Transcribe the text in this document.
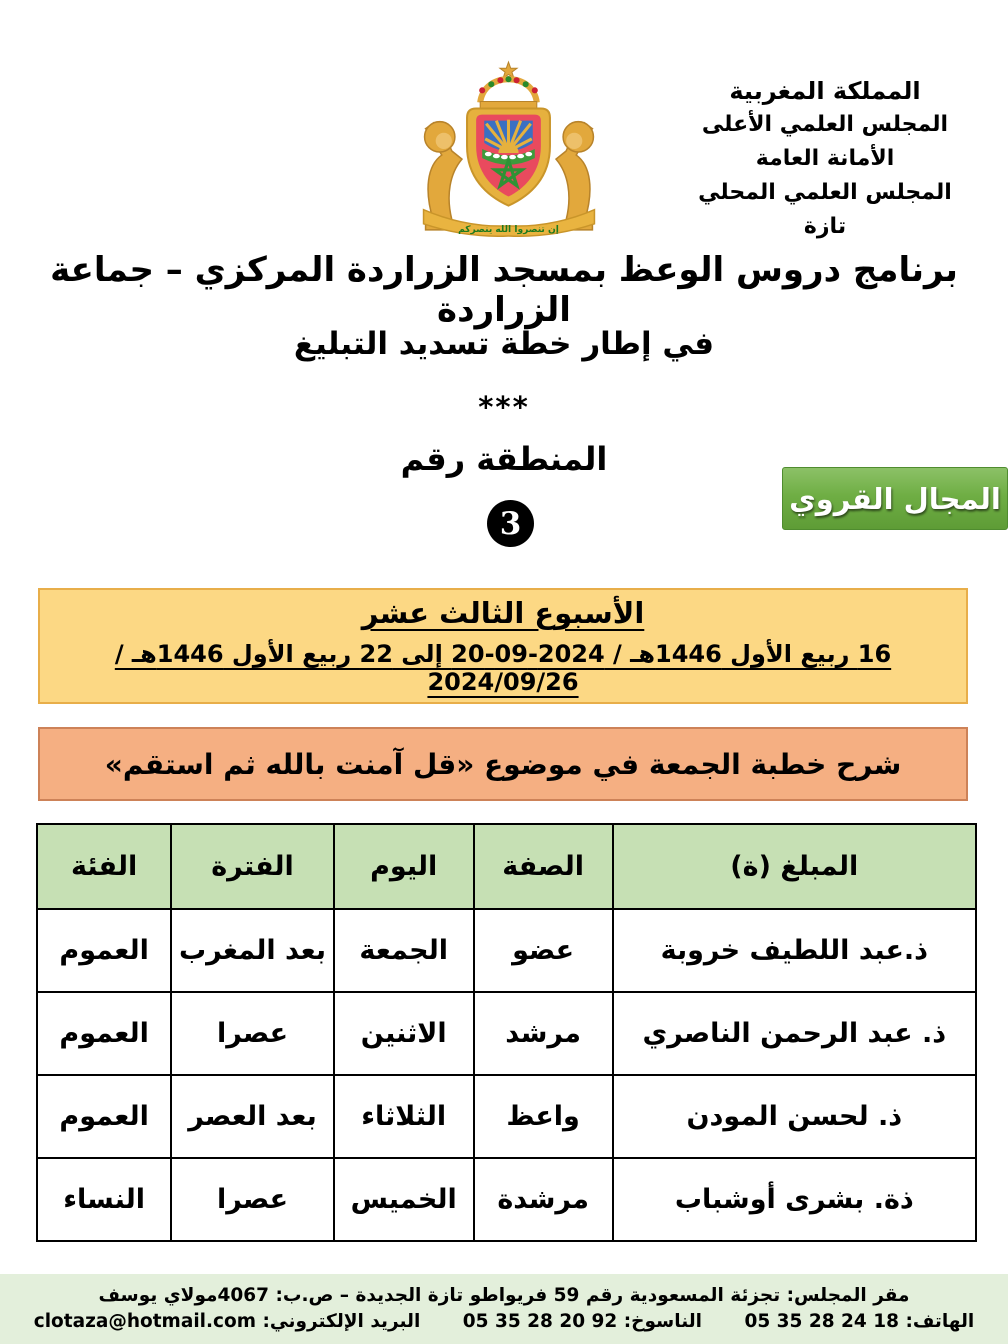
المملكة المغربية
المجلس العلمي الأعلى
الأمانة العامة
المجلس العلمي المحلي
تازة
إن تنصروا الله ينصركم
برنامج دروس الوعظ بمسجد الزراردة المركزي – جماعة الزراردة
في إطار خطة تسديد التبليغ
***
المنطقة رقم
3
المجال القروي
الأسبوع الثالث عشر
16 ربيع الأول 1446هـ / 2024-09-20 إلى 22 ربيع الأول 1446هـ / 2024/09/26
شرح خطبة الجمعة في موضوع «قل آمنت بالله ثم استقم»
المبلغ (ة)	الصفة	اليوم	الفترة	الفئة
ذ.عبد اللطيف خروبة	عضو	الجمعة	بعد المغرب	العموم
ذ. عبد الرحمن الناصري	مرشد	الاثنين	عصرا	العموم
ذ. لحسن المودن	واعظ	الثلاثاء	بعد العصر	العموم
ذة. بشرى أوشباب	مرشدة	الخميس	عصرا	النساء
مقر المجلس: تجزئة المسعودية رقم 59 فريواطو تازة الجديدة – ص.ب: 4067مولاي يوسف
الهاتف: 05 35 28 24 18 الناسوخ: 05 35 28 20 92 البريد الإلكتروني: clotaza@hotmail.com
